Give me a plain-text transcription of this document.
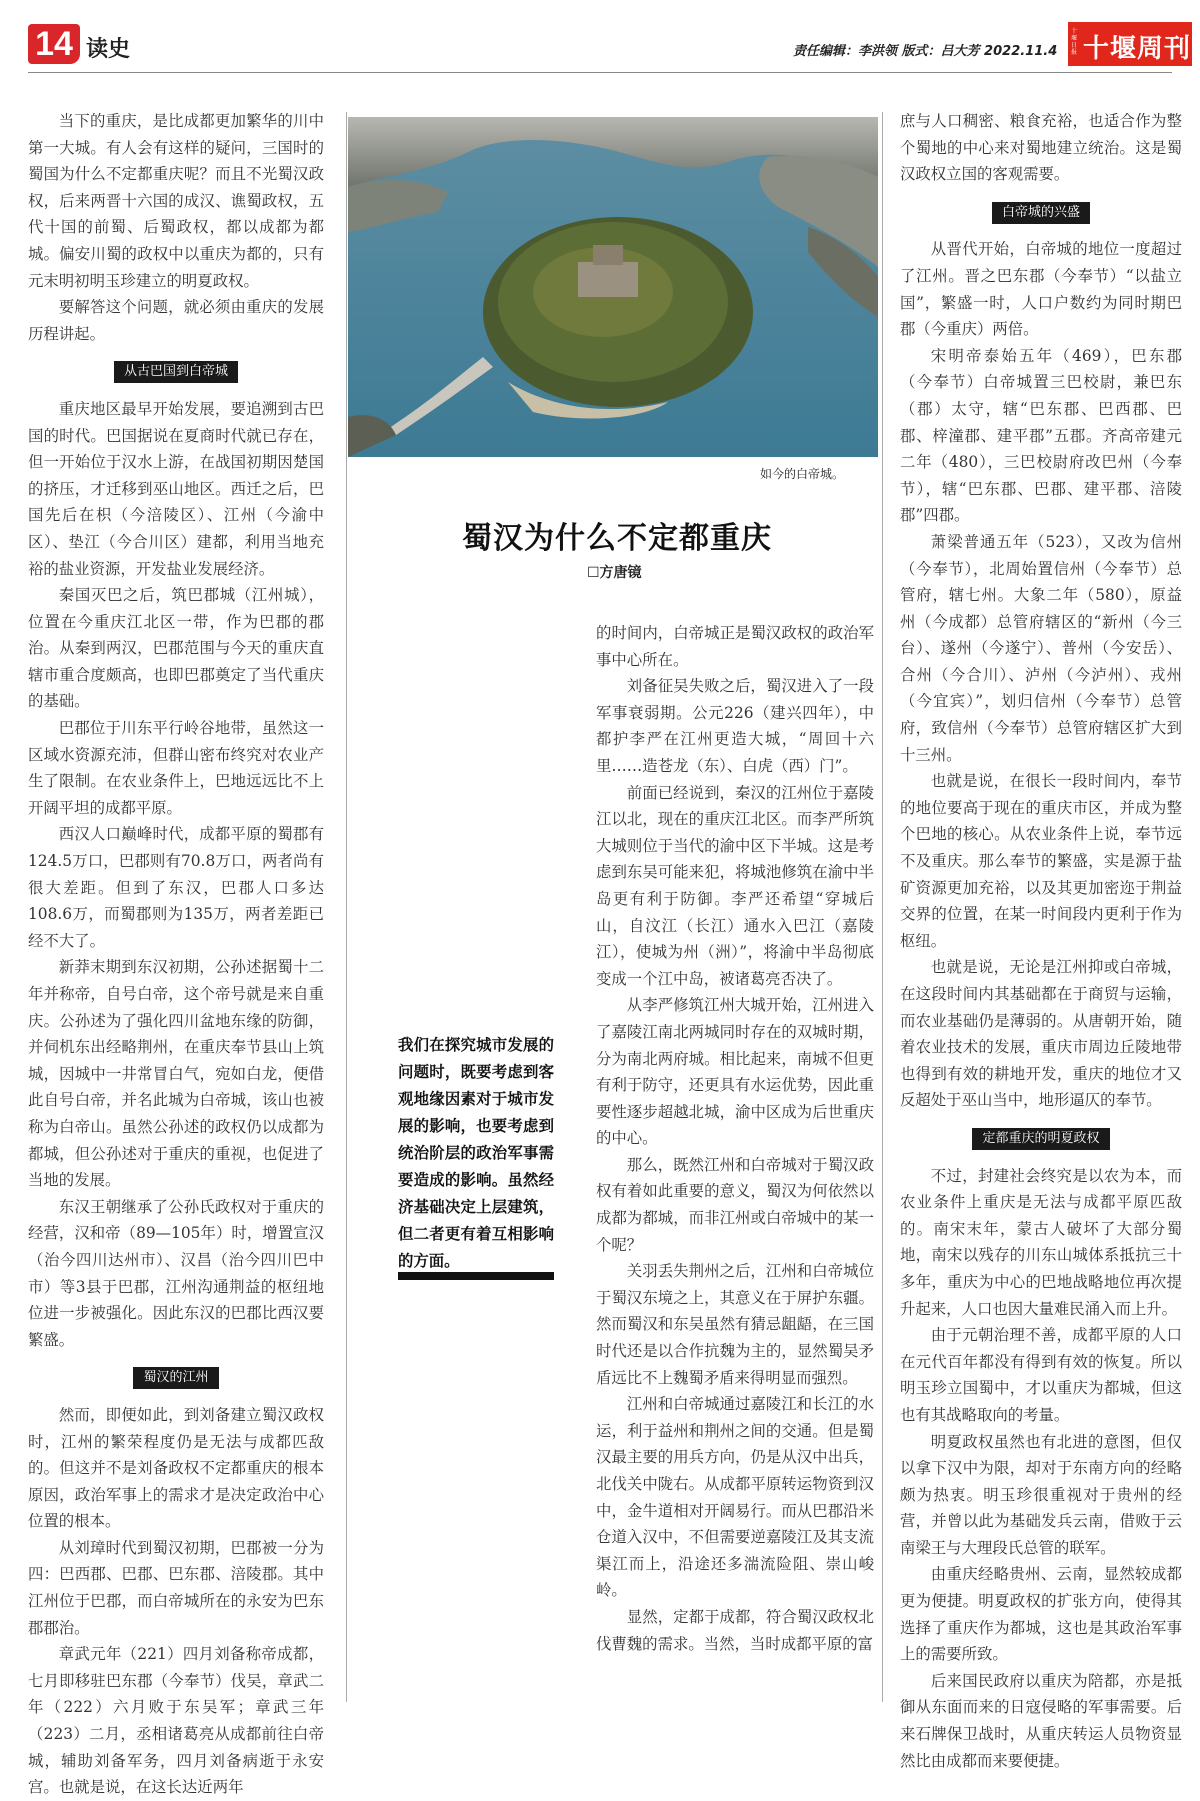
14 读史	责任编辑：李洪领 版式：吕大芳 2022.11.4
十堰日报 十堰周刊

当下的重庆，是比成都更加繁华的川中第一大城。有人会有这样的疑问，三国时的蜀国为什么不定都重庆呢？而且不光蜀汉政权，后来两晋十六国的成汉、谯蜀政权，五代十国的前蜀、后蜀政权，都以成都为都城。偏安川蜀的政权中以重庆为都的，只有元末明初明玉珍建立的明夏政权。

要解答这个问题，就必须由重庆的发展历程讲起。

从古巴国到白帝城

重庆地区最早开始发展，要追溯到古巴国的时代。巴国据说在夏商时代就已存在，但一开始位于汉水上游，在战国初期因楚国的挤压，才迁移到巫山地区。西迁之后，巴国先后在枳（今涪陵区）、江州（今渝中区）、垫江（今合川区）建都，利用当地充裕的盐业资源，开发盐业发展经济。

秦国灭巴之后，筑巴郡城（江州城），位置在今重庆江北区一带，作为巴郡的郡治。从秦到两汉，巴郡范围与今天的重庆直辖市重合度颇高，也即巴郡奠定了当代重庆的基础。

巴郡位于川东平行岭谷地带，虽然这一区域水资源充沛，但群山密布终究对农业产生了限制。在农业条件上，巴地远远比不上开阔平坦的成都平原。

西汉人口巅峰时代，成都平原的蜀郡有124.5万口，巴郡则有70.8万口，两者尚有很大差距。但到了东汉，巴郡人口多达108.6万，而蜀郡则为135万，两者差距已经不大了。

新莽末期到东汉初期，公孙述据蜀十二年并称帝，自号白帝，这个帝号就是来自重庆。公孙述为了强化四川盆地东缘的防御，并伺机东出经略荆州，在重庆奉节县山上筑城，因城中一井常冒白气，宛如白龙，便借此自号白帝，并名此城为白帝城，该山也被称为白帝山。虽然公孙述的政权仍以成都为都城，但公孙述对于重庆的重视，也促进了当地的发展。

东汉王朝继承了公孙氏政权对于重庆的经营，汉和帝（89—105年）时，增置宣汉（治今四川达州市）、汉昌（治今四川巴中市）等3县于巴郡，江州沟通荆益的枢纽地位进一步被强化。因此东汉的巴郡比西汉要繁盛。

蜀汉的江州

然而，即便如此，到刘备建立蜀汉政权时，江州的繁荣程度仍是无法与成都匹敌的。但这并不是刘备政权不定都重庆的根本原因，政治军事上的需求才是决定政治中心位置的根本。

从刘璋时代到蜀汉初期，巴郡被一分为四：巴西郡、巴郡、巴东郡、涪陵郡。其中江州位于巴郡，而白帝城所在的永安为巴东郡郡治。

章武元年（221）四月刘备称帝成都，七月即移驻巴东郡（今奉节）伐吴，章武二年（222）六月败于东吴军；章武三年（223）二月，丞相诸葛亮从成都前往白帝城，辅助刘备军务，四月刘备病逝于永安宫。也就是说，在这长达近两年

如今的白帝城。
蜀汉为什么不定都重庆
☐方唐镜
我们在探究城市发展的问题时，既要考虑到客观地缘因素对于城市发展的影响，也要考虑到统治阶层的政治军事需要造成的影响。虽然经济基础决定上层建筑，但二者更有着互相影响的方面。

的时间内，白帝城正是蜀汉政权的政治军事中心所在。

刘备征吴失败之后，蜀汉进入了一段军事衰弱期。公元226（建兴四年），中都护李严在江州更造大城，“周回十六里……造苍龙（东）、白虎（西）门”。

前面已经说到，秦汉的江州位于嘉陵江以北，现在的重庆江北区。而李严所筑大城则位于当代的渝中区下半城。这是考虑到东吴可能来犯，将城池修筑在渝中半岛更有利于防御。李严还希望“穿城后山，自汶江（长江）通水入巴江（嘉陵江），使城为州（洲）”，将渝中半岛彻底变成一个江中岛，被诸葛亮否决了。

从李严修筑江州大城开始，江州进入了嘉陵江南北两城同时存在的双城时期，分为南北两府城。相比起来，南城不但更有利于防守，还更具有水运优势，因此重要性逐步超越北城，渝中区成为后世重庆的中心。

那么，既然江州和白帝城对于蜀汉政权有着如此重要的意义，蜀汉为何依然以成都为都城，而非江州或白帝城中的某一个呢？

关羽丢失荆州之后，江州和白帝城位于蜀汉东境之上，其意义在于屏护东疆。然而蜀汉和东吴虽然有猜忌龃龉，在三国时代还是以合作抗魏为主的，显然蜀吴矛盾远比不上魏蜀矛盾来得明显而强烈。

江州和白帝城通过嘉陵江和长江的水运，利于益州和荆州之间的交通。但是蜀汉最主要的用兵方向，仍是从汉中出兵，北伐关中陇右。从成都平原转运物资到汉中，金牛道相对开阔易行。而从巴郡沿米仓道入汉中，不但需要逆嘉陵江及其支流渠江而上，沿途还多湍流险阻、崇山峻岭。

显然，定都于成都，符合蜀汉政权北伐曹魏的需求。当然，当时成都平原的富

庶与人口稠密、粮食充裕，也适合作为整个蜀地的中心来对蜀地建立统治。这是蜀汉政权立国的客观需要。

白帝城的兴盛

从晋代开始，白帝城的地位一度超过了江州。晋之巴东郡（今奉节）“以盐立国”，繁盛一时，人口户数约为同时期巴郡（今重庆）两倍。

宋明帝泰始五年（469），巴东郡（今奉节）白帝城置三巴校尉，兼巴东（郡）太守，辖“巴东郡、巴西郡、巴郡、梓潼郡、建平郡”五郡。齐高帝建元二年（480），三巴校尉府改巴州（今奉节），辖“巴东郡、巴郡、建平郡、涪陵郡”四郡。

萧梁普通五年（523），又改为信州（今奉节），北周始置信州（今奉节）总管府，辖七州。大象二年（580），原益州（今成都）总管府辖区的“新州（今三台）、遂州（今遂宁）、普州（今安岳）、合州（今合川）、泸州（今泸州）、戎州（今宜宾）”，划归信州（今奉节）总管府，致信州（今奉节）总管府辖区扩大到十三州。

也就是说，在很长一段时间内，奉节的地位要高于现在的重庆市区，并成为整个巴地的核心。从农业条件上说，奉节远不及重庆。那么奉节的繁盛，实是源于盐矿资源更加充裕，以及其更加密迩于荆益交界的位置，在某一时间段内更利于作为枢纽。

也就是说，无论是江州抑或白帝城，在这段时间内其基础都在于商贸与运输，而农业基础仍是薄弱的。从唐朝开始，随着农业技术的发展，重庆市周边丘陵地带也得到有效的耕地开发，重庆的地位才又反超处于巫山当中，地形逼仄的奉节。

定都重庆的明夏政权

不过，封建社会终究是以农为本，而农业条件上重庆是无法与成都平原匹敌的。南宋末年，蒙古人破坏了大部分蜀地，南宋以残存的川东山城体系抵抗三十多年，重庆为中心的巴地战略地位再次提升起来，人口也因大量难民涌入而上升。

由于元朝治理不善，成都平原的人口在元代百年都没有得到有效的恢复。所以明玉珍立国蜀中，才以重庆为都城，但这也有其战略取向的考量。

明夏政权虽然也有北进的意图，但仅以拿下汉中为限，却对于东南方向的经略颇为热衷。明玉珍很重视对于贵州的经营，并曾以此为基础发兵云南，借败于云南梁王与大理段氏总管的联军。

由重庆经略贵州、云南，显然较成都更为便捷。明夏政权的扩张方向，使得其选择了重庆作为都城，这也是其政治军事上的需要所致。

后来国民政府以重庆为陪都，亦是抵御从东面而来的日寇侵略的军事需要。后来石牌保卫战时，从重庆转运人员物资显然比由成都而来要便捷。
